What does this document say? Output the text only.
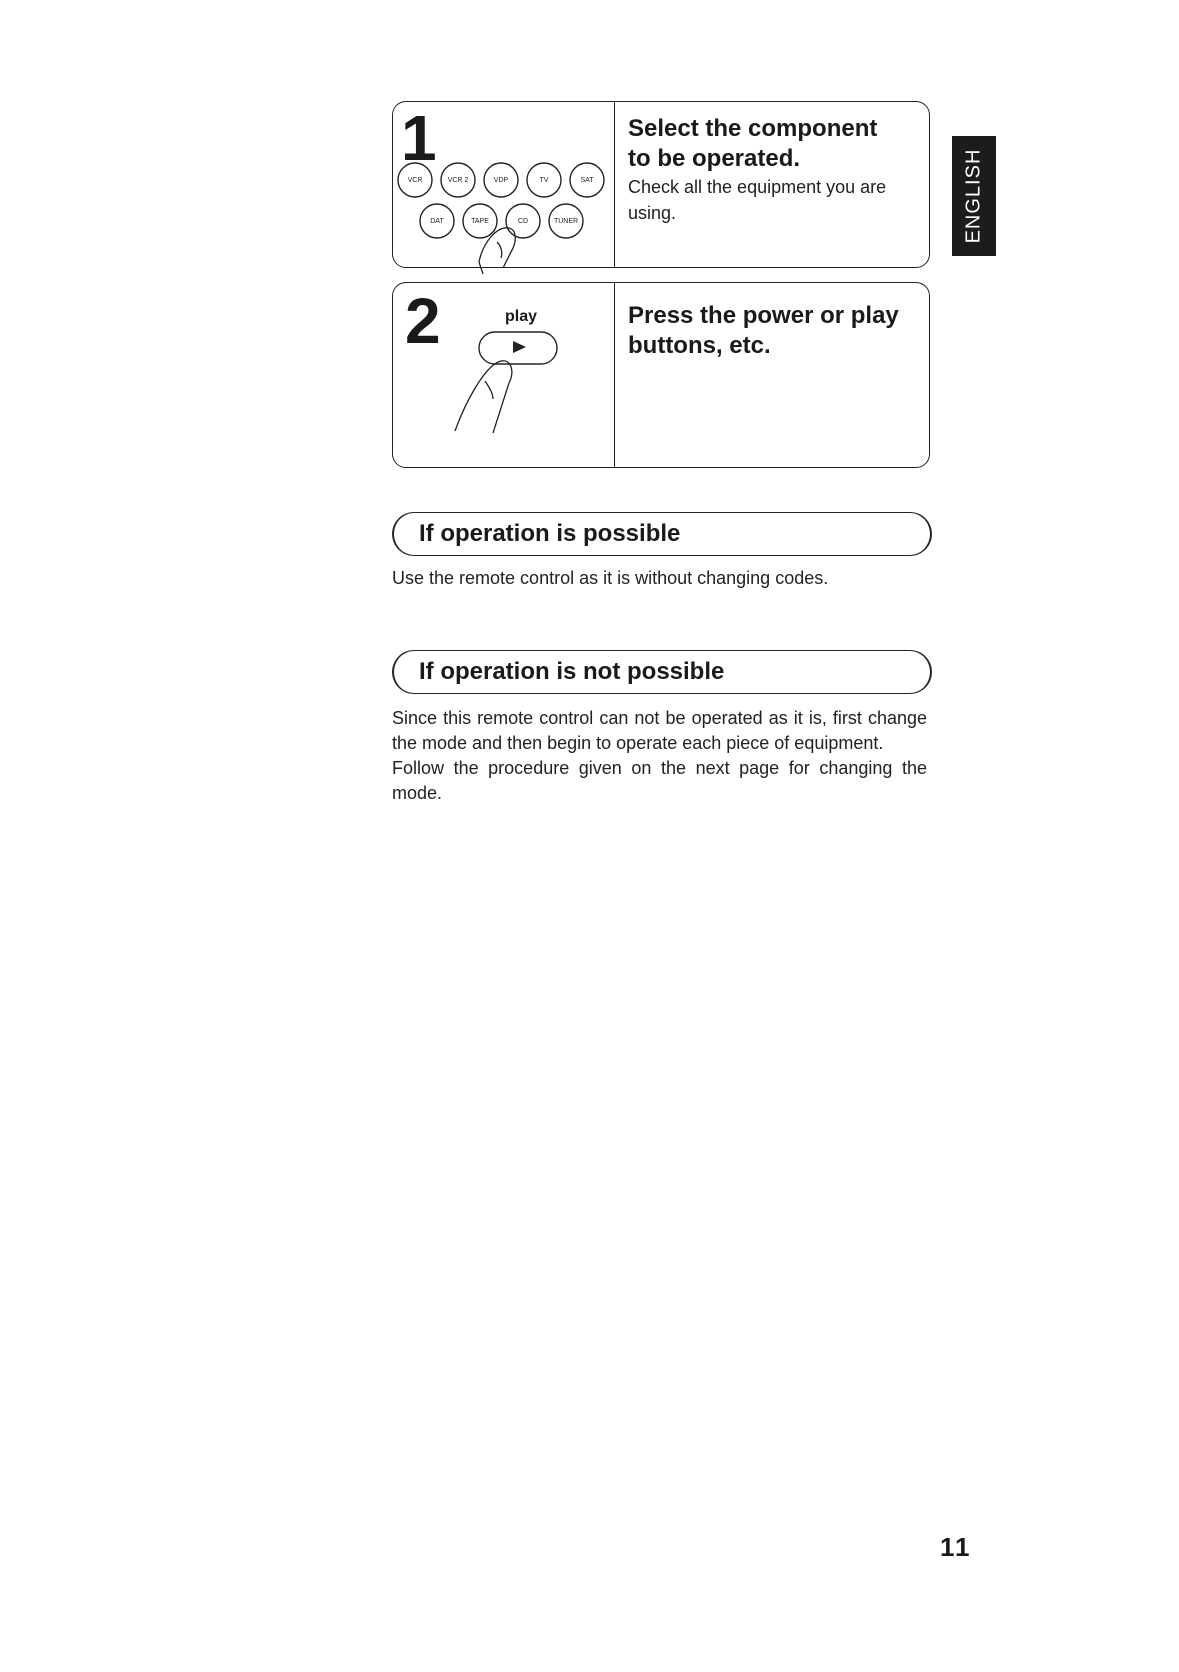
1
VCR	VCR 2	VDP	TV	SAT
DAT	TAPE	CD	TUNER

Select the component

to be operated.

Check all the equipment you are

using.

2	play	Press the power or play

buttons, etc.

If operation is possible
Use the remote control as it is without changing codes.
If operation is not possible

Since this remote control can not be operated as it is, first change the mode and then begin to operate each piece of equipment.

Follow the procedure given on the next page for changing the mode.

ENGLISH
11
